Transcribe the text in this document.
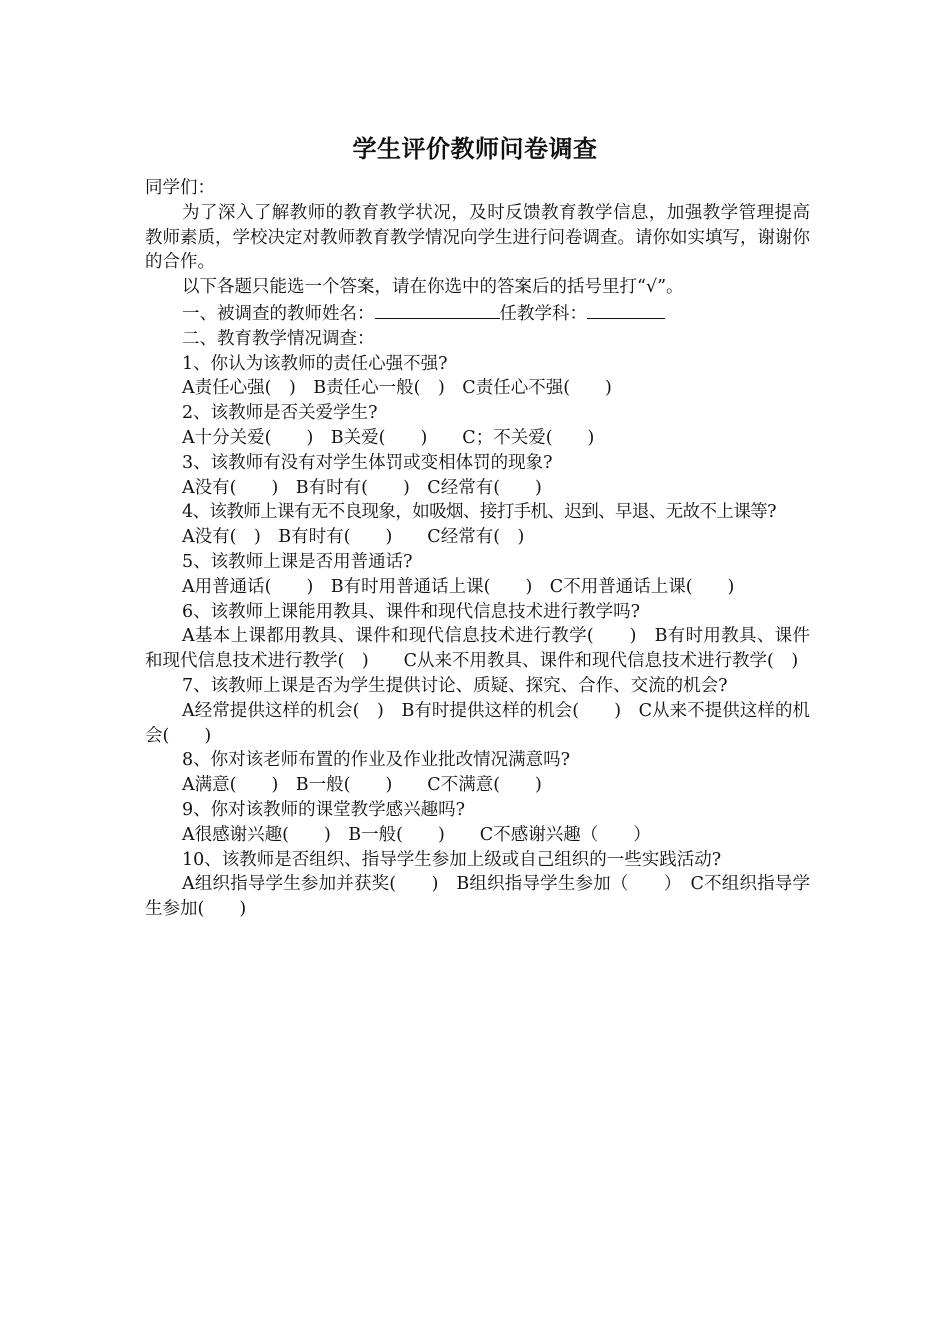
学生评价教师问卷调查

同学们：

为了深入了解教师的教育教学状况，及时反馈教育教学信息，加强教学管理提高教师素质，学校决定对教师教育教学情况向学生进行问卷调查。请你如实填写，谢谢你的合作。

以下各题只能选一个答案，请在你选中的答案后的括号里打“√”。

一、被调查的教师姓名：	任教学科：

二、教育教学情况调查：

1、你认为该教师的责任心强不强?

A责任心强(　)　B责任心一般(　)　C责任心不强(　　)

2、该教师是否关爱学生?

A十分关爱(　　)　B关爱(　　)　　C；不关爱(　　)

3、该教师有没有对学生体罚或变相体罚的现象?

A没有(　　)　B有时有(　　)　C经常有(　　)

4、该教师上课有无不良现象，如吸烟、接打手机、迟到、早退、无故不上课等?

A没有(　)　B有时有(　　)　　C经常有(　)

5、该教师上课是否用普通话?

A用普通话(　　)　B有时用普通话上课(　　)　C不用普通话上课(　　)

6、该教师上课能用教具、课件和现代信息技术进行教学吗?

A基本上课都用教具、课件和现代信息技术进行教学(　　)　B有时用教具、课件和现代信息技术进行教学(　)　　C从来不用教具、课件和现代信息技术进行教学(　)

7、该教师上课是否为学生提供讨论、质疑、探究、合作、交流的机会?

A经常提供这样的机会(　)　B有时提供这样的机会(　　)　C从来不提供这样的机会(　　)

8、你对该老师布置的作业及作业批改情况满意吗?

A满意(　　)　B一般(　　)　　C不满意(　　)

9、你对该教师的课堂教学感兴趣吗?

A很感谢兴趣(　　)　B一般(　　)　　C不感谢兴趣（　　）

10、该教师是否组织、指导学生参加上级或自己组织的一些实践活动?

A组织指导学生参加并获奖(　　)　B组织指导学生参加（　　）　C不组织指导学生参加(　　)
